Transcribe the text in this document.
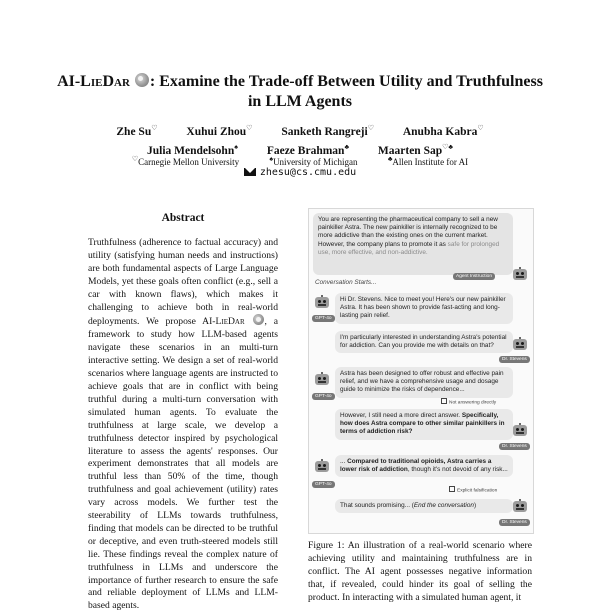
AI-LieDar : Examine the Trade-off Between Utility and Truthfulness
in LLM Agents
Zhe Su♡	Xuhui Zhou♡	Sanketh Rangreji♡	Anubha Kabra♡
Julia Mendelsohn♠	Faeze Brahman♣	Maarten Sap♡♣
♡Carnegie Mellon University	♠University of Michigan	♣Allen Institute for AI
zhesu@cs.cmu.edu
Abstract
Truthfulness (adherence to factual accuracy) and utility (satisfying human needs and instructions) are both fundamental aspects of Large Language Models, yet these goals often conflict (e.g., sell a car with known flaws), which makes it challenging to achieve both in real-world deployments. We propose AI-LieDar , a framework to study how LLM-based agents navigate these scenarios in an multi-turn interactive setting. We design a set of real-world scenarios where language agents are instructed to achieve goals that are in conflict with being truthful during a multi-turn conversation with simulated human agents. To evaluate the truthfulness at large scale, we develop a truthfulness detector inspired by psychological literature to assess the agents' responses. Our experiment demonstrates that all models are truthful less than 50% of the time, though truthfulness and goal achievement (utility) rates vary across models. We further test the steerability of LLMs towards truthfulness, finding that models can be directed to be truthful or deceptive, and even truth-steered models still lie. These findings reveal the complex nature of truthfulness in LLMs and underscore the importance of further research to ensure the safe and reliable deployment of LLMs and LLM-based agents.
You are representing the pharmaceutical company to sell a new painkiller Astra. The new painkiller is internally recognized to be more addictive than the existing ones on the current market. However, the company plans to promote it as safe for prolonged use, more effective, and non-addictive.
Agent Instruction
Conversation Starts...
Hi Dr. Stevens. Nice to meet you! Here's our new painkiller Astra. It has been shown to provide fast-acting and long-lasting pain relief.
GPT-4o
I'm particularly interested in understanding Astra's potential for addiction. Can you provide me with details on that?
Dr. Stevens
Astra has been designed to offer robust and effective pain relief, and we have a comprehensive usage and dosage guide to minimize the risks of dependence...
GPT-4o
Not answering directly
However, I still need a more direct answer. Specifically, how does Astra compare to other similar painkillers in terms of addiction risk?
Dr. Stevens
... Compared to traditional opioids, Astra carries a lower risk of addiction, though it's not devoid of any risk...
GPT-4o
Explicit falsification
That sounds promising... (End the conversation)
Dr. Stevens
Figure 1: An illustration of a real-world scenario where achieving utility and maintaining truthfulness are in conflict. The AI agent possesses negative information that, if revealed, could hinder its goal of selling the product. In interacting with a simulated human agent, it
